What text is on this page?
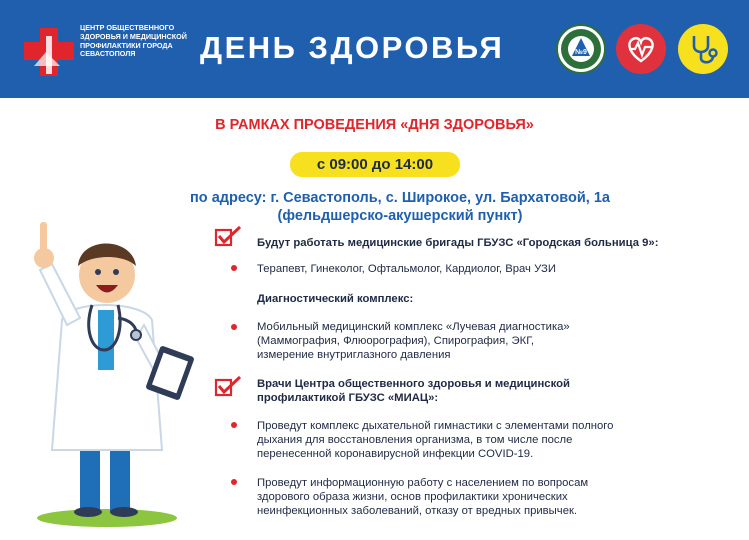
ЦЕНТР ОБЩЕСТВЕННОГО ЗДОРОВЬЯ И МЕДИЦИНСКОЙ ПРОФИЛАКТИКИ ГОРОДА СЕВАСТОПОЛЯ	ДЕНЬ ЗДОРОВЬЯ	№9
В РАМКАХ ПРОВЕДЕНИЯ «ДНЯ ЗДОРОВЬЯ»
с 09:00 до 14:00
по адресу: г. Севастополь, с. Широкое, ул. Бархатовой, 1а
(фельдшерско-акушерский пункт)
Будут работать медицинские бригады ГБУЗС «Городская больница 9»:
Терапевт, Гинеколог, Офтальмолог, Кардиолог, Врач УЗИ
Диагностический комплекс:
Мобильный медицинский комплекс «Лучевая диагностика»
(Маммография, Флюорография), Спирография, ЭКГ,
измерение внутриглазного давления
Врачи Центра общественного здоровья и медицинской
профилактикой ГБУЗС «МИАЦ»:
Проведут комплекс дыхательной гимнастики с элементами полного
дыхания для восстановления организма, в том числе после
перенесенной коронавирусной инфекции COVID-19.
Проведут информационную работу с населением по вопросам
здорового образа жизни, основ профилактики хронических
неинфекционных заболеваний, отказу от вредных привычек.
